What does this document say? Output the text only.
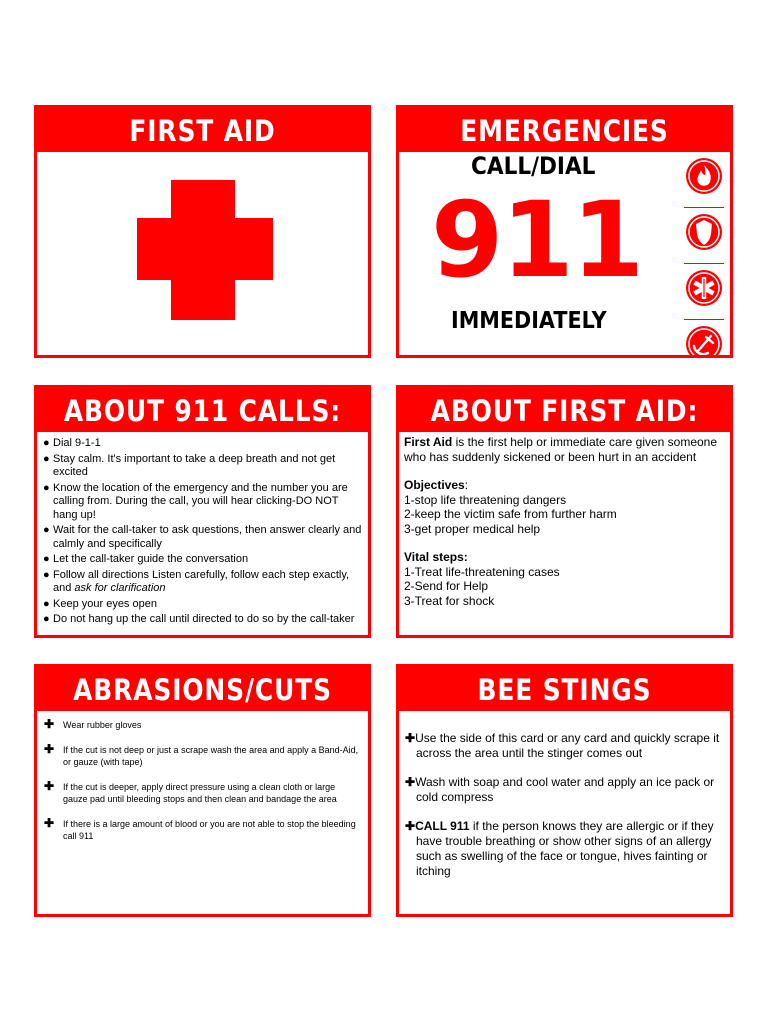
FIRST AID	EMERGENCIES
CALL/DIAL
911
IMMEDIATELY
ABOUT 911 CALLS:
● Dial 9-1-1
● Stay calm. It's important to take a deep breath and not get excited
● Know the location of the emergency and the number you are calling from. During the call, you will hear clicking-DO NOT hang up!
● Wait for the call-taker to ask questions, then answer clearly and calmly and specifically
● Let the call-taker guide the conversation
● Follow all directions Listen carefully, follow each step exactly, and ask for clarification
● Keep your eyes open
● Do not hang up the call until directed to do so by the call-taker
ABOUT FIRST AID:

First Aid is the first help or immediate care given someone who has suddenly sickened or been hurt in an accident

Objectives:

1-stop life threatening dangers

2-keep the victim safe from further harm

3-get proper medical help

Vital steps:

1-Treat life-threatening cases

2-Send for Help

3-Treat for shock

ABRASIONS/CUTS
✚ Wear rubber gloves
✚ If the cut is not deep or just a scrape wash the area and apply a Band-Aid, or gauze (with tape)
✚ If the cut is deeper, apply direct pressure using a clean cloth or large gauze pad until bleeding stops and then clean and bandage the area
✚ If there is a large amount of blood or you are not able to stop the bleeding call 911
BEE STINGS
✚Use the side of this card or any card and quickly scrape it across the area until the stinger comes out
✚Wash with soap and cool water and apply an ice pack or cold compress
✚CALL 911 if the person knows they are allergic or if they have trouble breathing or show other signs of an allergy such as swelling of the face or tongue, hives fainting or itching
